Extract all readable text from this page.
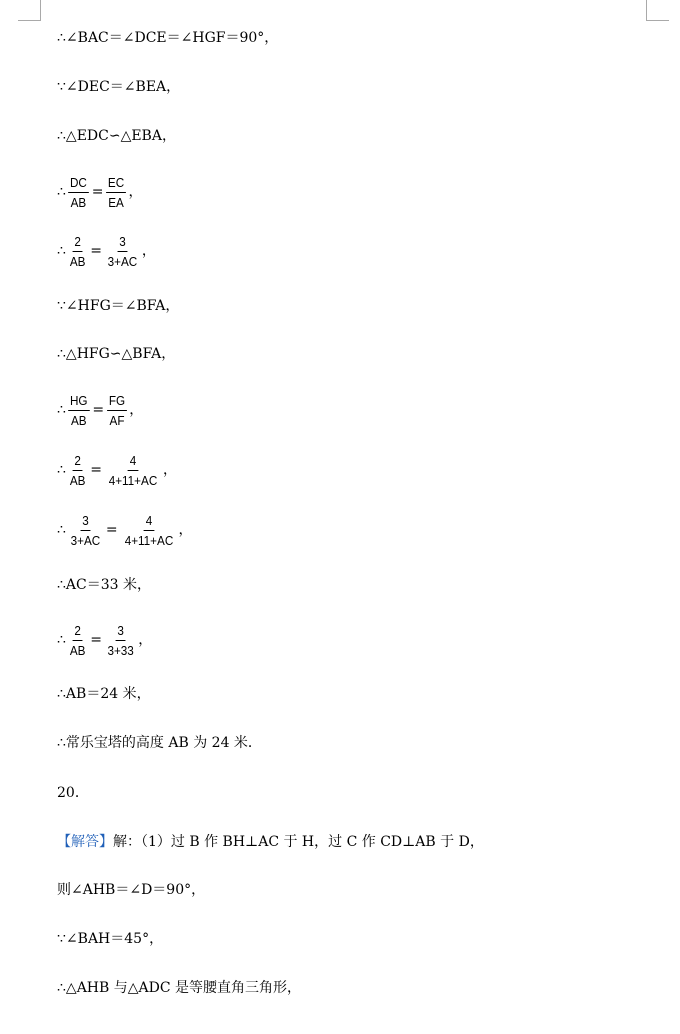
∴ ∠BAC＝∠DCE＝∠HGF＝90°，
∵ ∠DEC＝∠BEA，
∴ △EDC∽△EBA，
∴ $\frac{DC}{AB} = \frac{EC}{EA}$ ，
∴ $\frac{2}{AB} = \frac{3}{3+AC}$ ，
∵ ∠HFG＝∠BFA，
∴ △HFG∽△BFA，
∴ $\frac{HG}{AB} = \frac{FG}{AF}$ ，
∴ $\frac{2}{AB} = \frac{4}{4+11+AC}$ ，
∴ $\frac{3}{3+AC} = \frac{4}{4+11+AC}$ ，
∴ AC＝33 米，
∴ $\frac{2}{AB} = \frac{3}{3+33}$ ，
∴ AB＝24 米，
∴ 常乐宝塔的高度 AB 为 24 米．
20．
【解答】 解：（1）过 B 作 BH⊥AC 于 H，过 C 作 CD⊥AB 于 D，
则∠AHB＝∠D＝90°，
∵ ∠BAH＝45°，
∴ △AHB 与△ADC 是等腰直角三角形，
